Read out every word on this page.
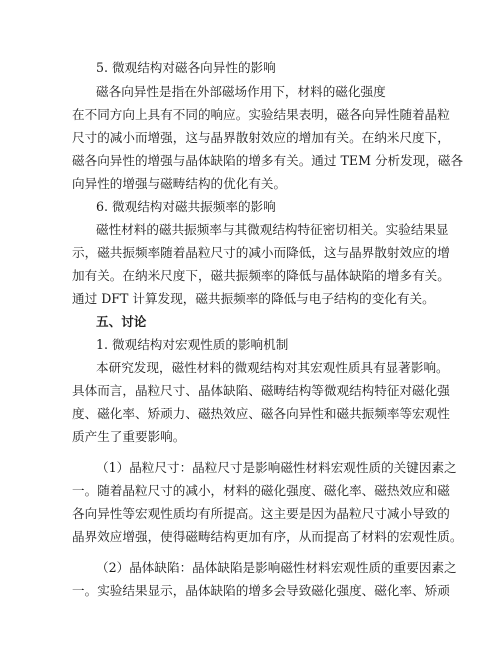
5. 微观结构对磁各向异性的影响
磁各向异性是指在外部磁场作用下，材料的磁化强度
在不同方向上具有不同的响应。实验结果表明，磁各向异性随着晶粒
尺寸的减小而增强，这与晶界散射效应的增加有关。在纳米尺度下，
磁各向异性的增强与晶体缺陷的增多有关。通过 TEM 分析发现，磁各
向异性的增强与磁畴结构的优化有关。
6. 微观结构对磁共振频率的影响
磁性材料的磁共振频率与其微观结构特征密切相关。实验结果显
示，磁共振频率随着晶粒尺寸的减小而降低，这与晶界散射效应的增
加有关。在纳米尺度下，磁共振频率的降低与晶体缺陷的增多有关。
通过 DFT 计算发现，磁共振频率的降低与电子结构的变化有关。
五、讨论
1. 微观结构对宏观性质的影响机制
本研究发现，磁性材料的微观结构对其宏观性质具有显著影响。
具体而言，晶粒尺寸、晶体缺陷、磁畴结构等微观结构特征对磁化强
度、磁化率、矫顽力、磁热效应、磁各向异性和磁共振频率等宏观性
质产生了重要影响。
（1）晶粒尺寸：晶粒尺寸是影响磁性材料宏观性质的关键因素之
一。随着晶粒尺寸的减小，材料的磁化强度、磁化率、磁热效应和磁
各向异性等宏观性质均有所提高。这主要是因为晶粒尺寸减小导致的
晶界效应增强，使得磁畴结构更加有序，从而提高了材料的宏观性质。
（2）晶体缺陷：晶体缺陷是影响磁性材料宏观性质的重要因素之
一。实验结果显示，晶体缺陷的增多会导致磁化强度、磁化率、矫顽
